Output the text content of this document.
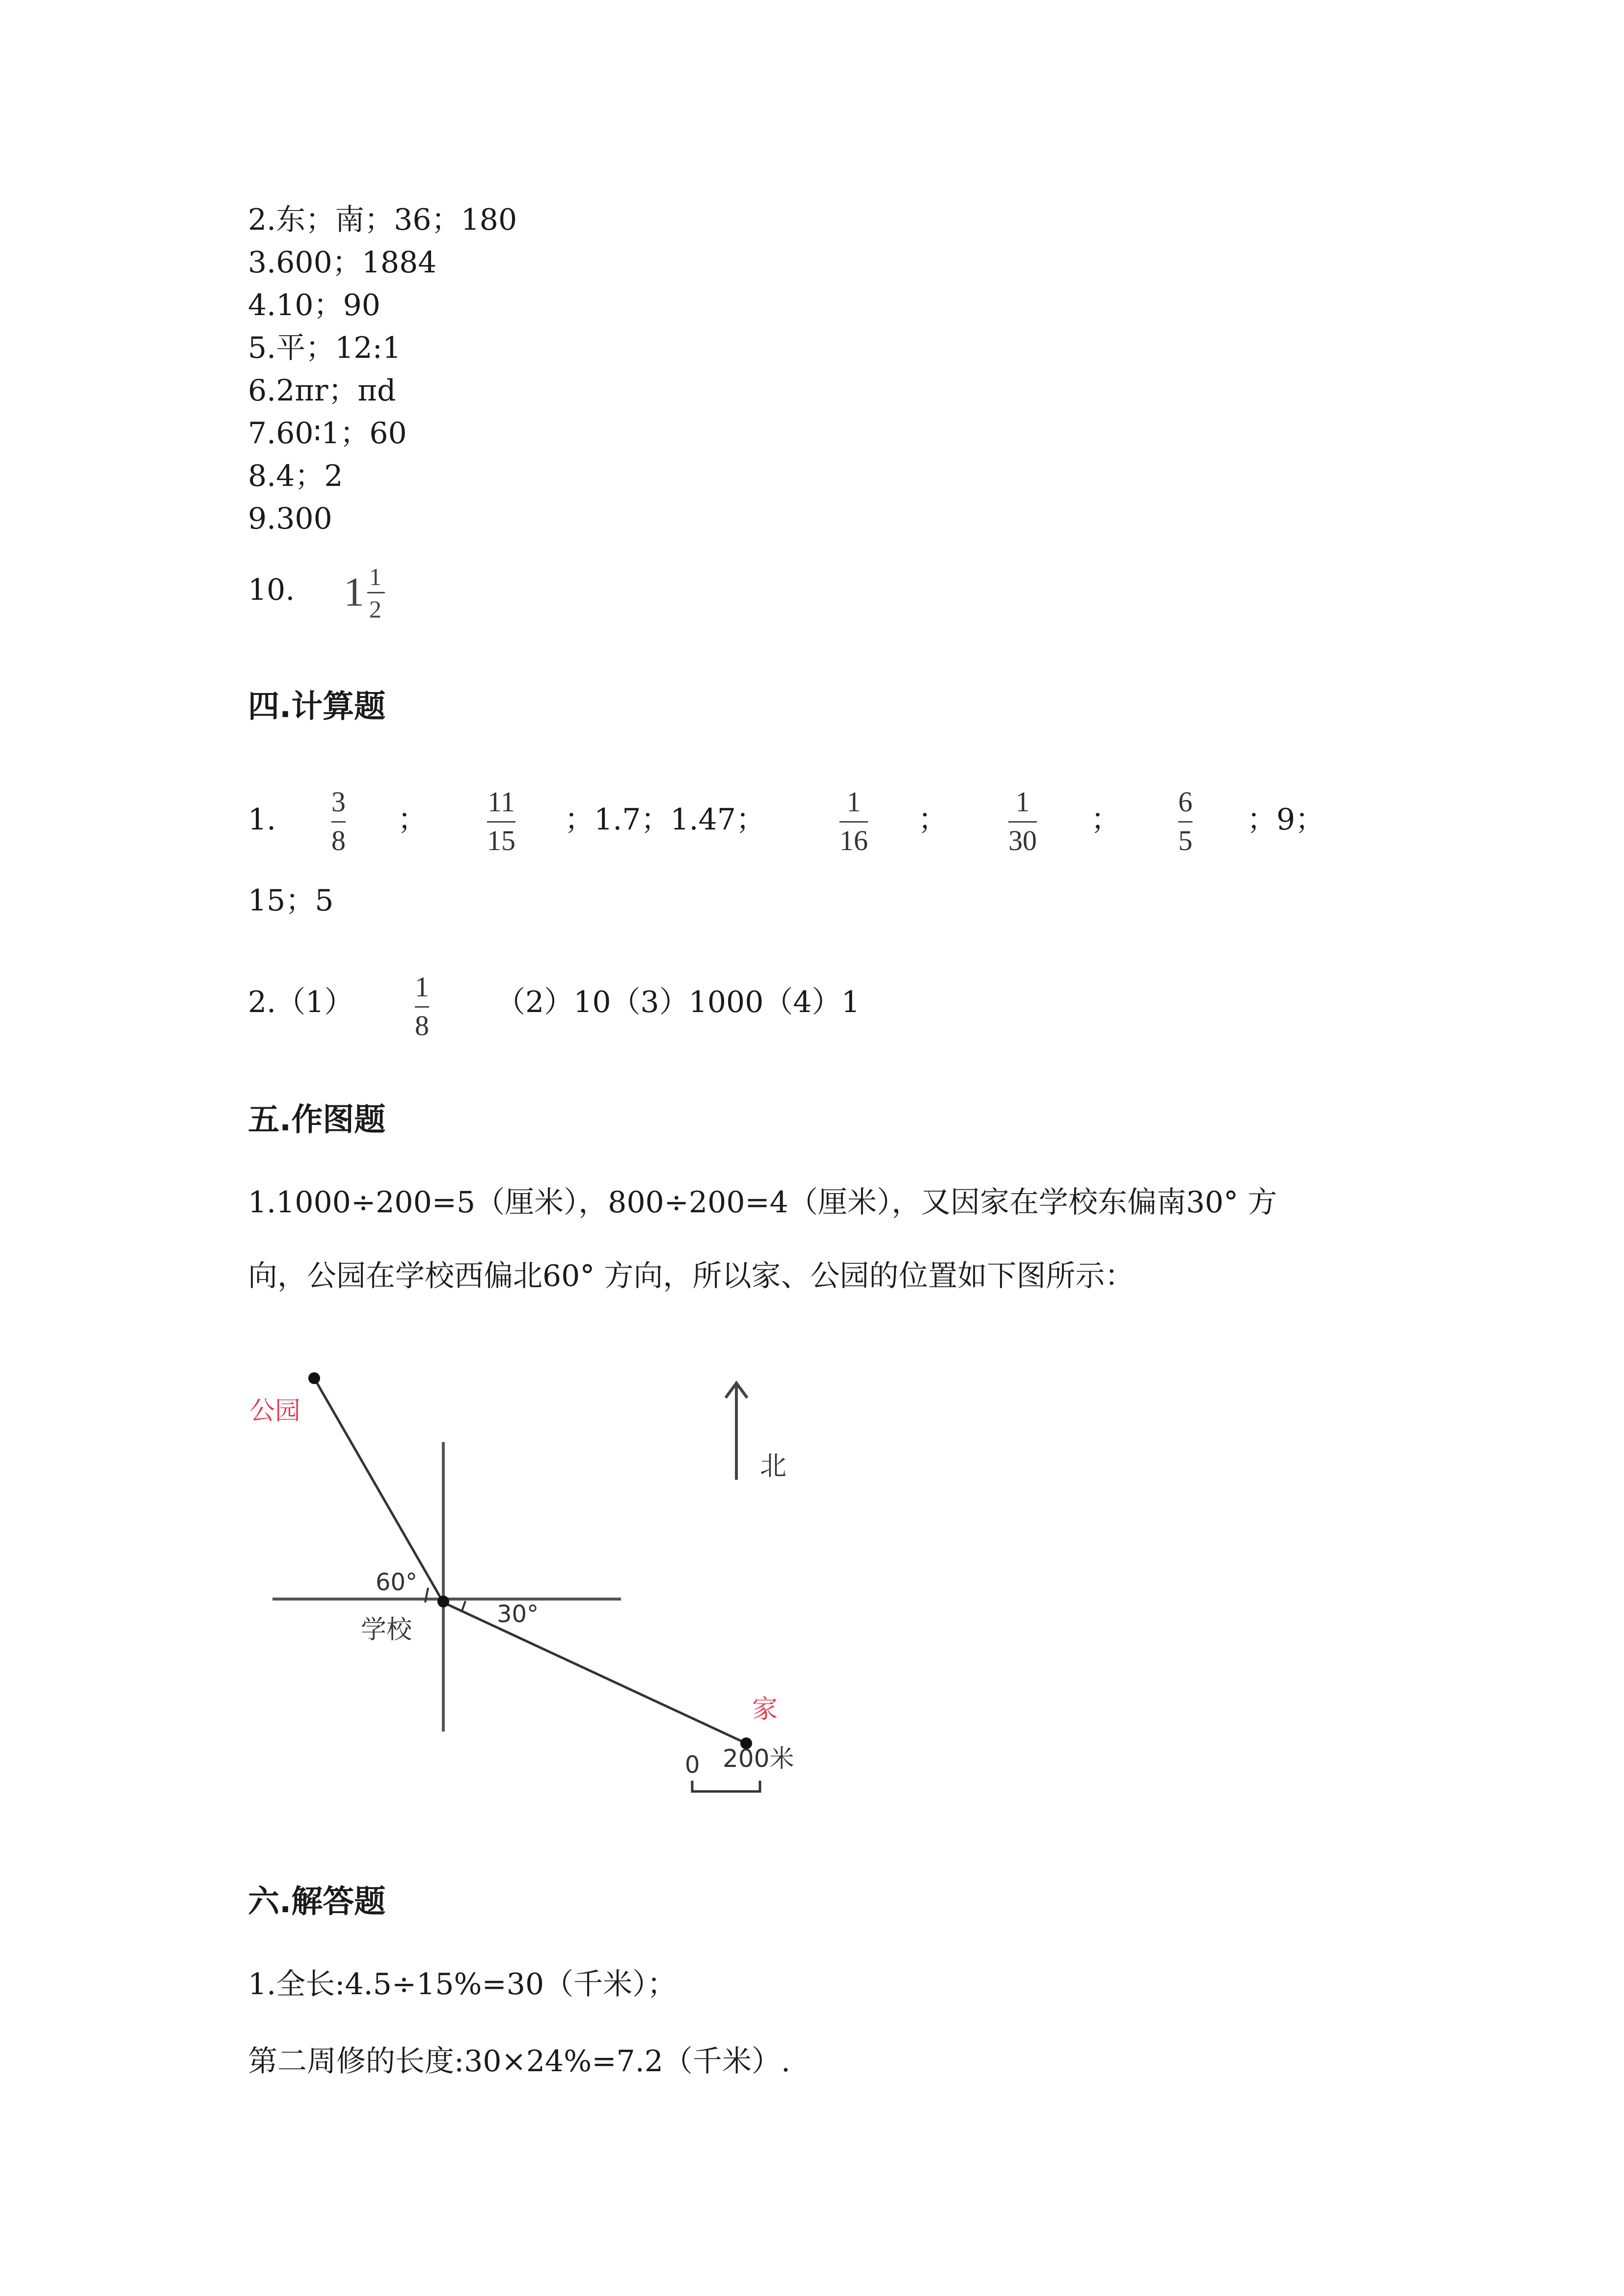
2.东；南；36；180
3.600；1884
4.10；90
5.平；12:1
6.2πr；πd
7.60∶1；60
8.4；2
9.300
10. 1 1
2
四.计算题
1.
3
8
；
11
15
；1.7；1.47；
1
16
；
1
30
；
6
5
；9；
15；5
2.（1） 1
8
（2）10（3）1000（4）1
五.作图题
1.1000÷200=5（厘米），800÷200=4（厘米），又因家在学校东偏南30° 方
向，公园在学校西偏北60° 方向，所以家、公园的位置如下图所示：
公园
北
60°
30°
学校
家
0 200米
六.解答题
1.全长:4.5÷15%=30（千米）；
第二周修的长度:30×24%=7.2（千米）.
